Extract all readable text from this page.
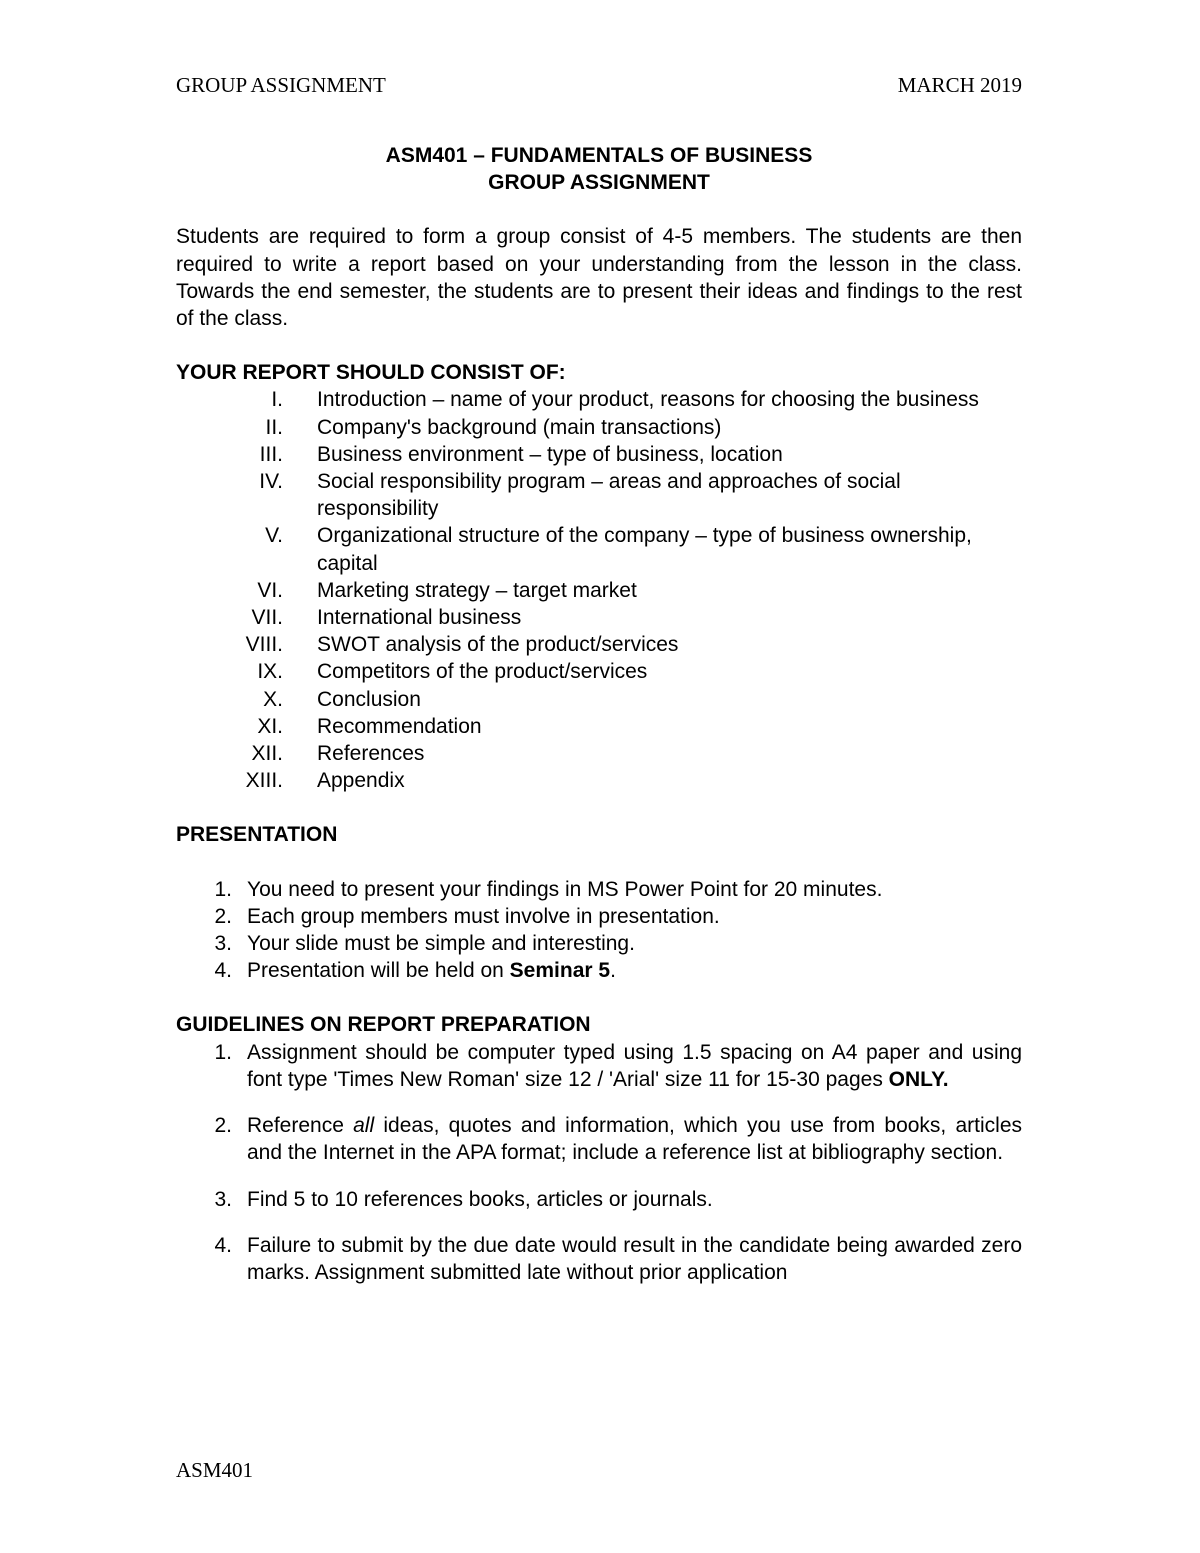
GROUP ASSIGNMENT	MARCH 2019
ASM401 – FUNDAMENTALS OF BUSINESS
GROUP ASSIGNMENT
Students are required to form a group consist of 4-5 members. The students are then required to write a report based on your understanding from the lesson in the class. Towards the end semester, the students are to present their ideas and findings to the rest of the class.
YOUR REPORT SHOULD CONSIST OF:
I. Introduction – name of your product, reasons for choosing the business
II. Company's background (main transactions)
III. Business environment – type of business, location
IV. Social responsibility program – areas and approaches of social responsibility
V. Organizational structure of the company – type of business ownership, capital
VI. Marketing strategy – target market
VII. International business
VIII. SWOT analysis of the product/services
IX. Competitors of the product/services
X. Conclusion
XI. Recommendation
XII. References
XIII. Appendix
PRESENTATION
1. You need to present your findings in MS Power Point for 20 minutes.
2. Each group members must involve in presentation.
3. Your slide must be simple and interesting.
4. Presentation will be held on Seminar 5.
GUIDELINES ON REPORT PREPARATION
1. Assignment should be computer typed using 1.5 spacing on A4 paper and using font type 'Times New Roman' size 12 / 'Arial' size 11 for 15-30 pages ONLY.
2. Reference all ideas, quotes and information, which you use from books, articles and the Internet in the APA format; include a reference list at bibliography section.
3. Find 5 to 10 references books, articles or journals.
4. Failure to submit by the due date would result in the candidate being awarded zero marks. Assignment submitted late without prior application
ASM401
